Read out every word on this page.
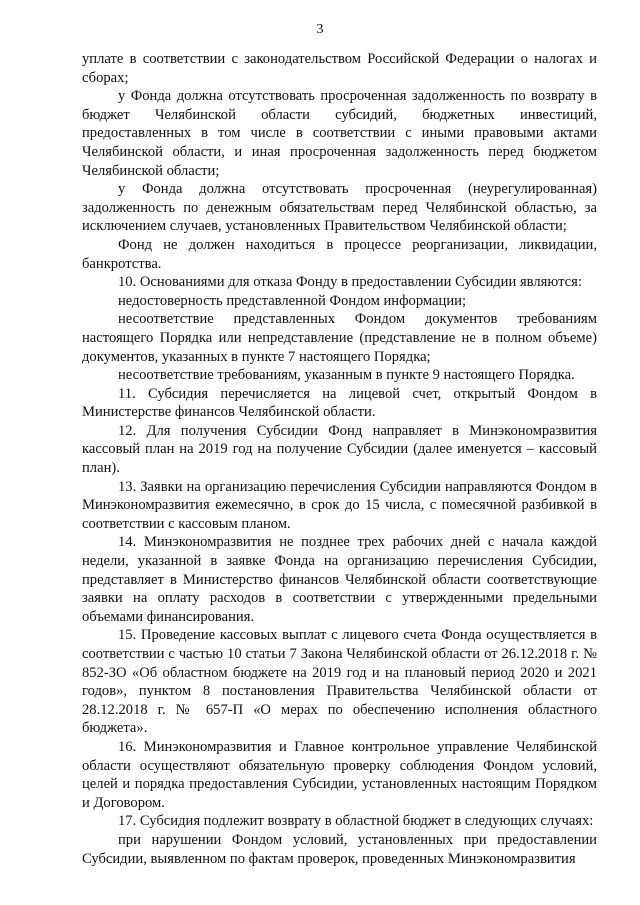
3

уплате в соответствии с законодательством Российской Федерации о налогах и сборах;

у Фонда должна отсутствовать просроченная задолженность по возврату в бюджет Челябинской области субсидий, бюджетных инвестиций, предоставленных в том числе в соответствии с иными правовыми актами Челябинской области, и иная просроченная задолженность перед бюджетом Челябинской области;

у Фонда должна отсутствовать просроченная (неурегулированная) задолженность по денежным обязательствам перед Челябинской областью, за исключением случаев, установленных Правительством Челябинской области;

Фонд не должен находиться в процессе реорганизации, ликвидации, банкротства.

10. Основаниями для отказа Фонду в предоставлении Субсидии являются:

недостоверность представленной Фондом информации;

несоответствие представленных Фондом документов требованиям настоящего Порядка или непредставление (представление не в полном объеме) документов, указанных в пункте 7 настоящего Порядка;

несоответствие требованиям, указанным в пункте 9 настоящего Порядка.

11. Субсидия перечисляется на лицевой счет, открытый Фондом в Министерстве финансов Челябинской области.

12. Для получения Субсидии Фонд направляет в Минэкономразвития кассовый план на 2019 год на получение Субсидии (далее именуется – кассовый план).

13. Заявки на организацию перечисления Субсидии направляются Фондом в Минэкономразвития ежемесячно, в срок до 15 числа, с помесячной разбивкой в соответствии с кассовым планом.

14. Минэкономразвития не позднее трех рабочих дней с начала каждой недели, указанной в заявке Фонда на организацию перечисления Субсидии, представляет в Министерство финансов Челябинской области соответствующие заявки на оплату расходов в соответствии с утвержденными предельными объемами финансирования.

15. Проведение кассовых выплат с лицевого счета Фонда осуществляется в соответствии с частью 10 статьи 7 Закона Челябинской области от 26.12.2018 г. № 852-ЗО «Об областном бюджете на 2019 год и на плановый период 2020 и 2021 годов», пунктом 8 постановления Правительства Челябинской области от 28.12.2018 г. № 657-П «О мерах по обеспечению исполнения областного бюджета».

16. Минэкономразвития и Главное контрольное управление Челябинской области осуществляют обязательную проверку соблюдения Фондом условий, целей и порядка предоставления Субсидии, установленных настоящим Порядком и Договором.

17. Субсидия подлежит возврату в областной бюджет в следующих случаях:

при нарушении Фондом условий, установленных при предоставлении Субсидии, выявленном по фактам проверок, проведенных Минэкономразвития
